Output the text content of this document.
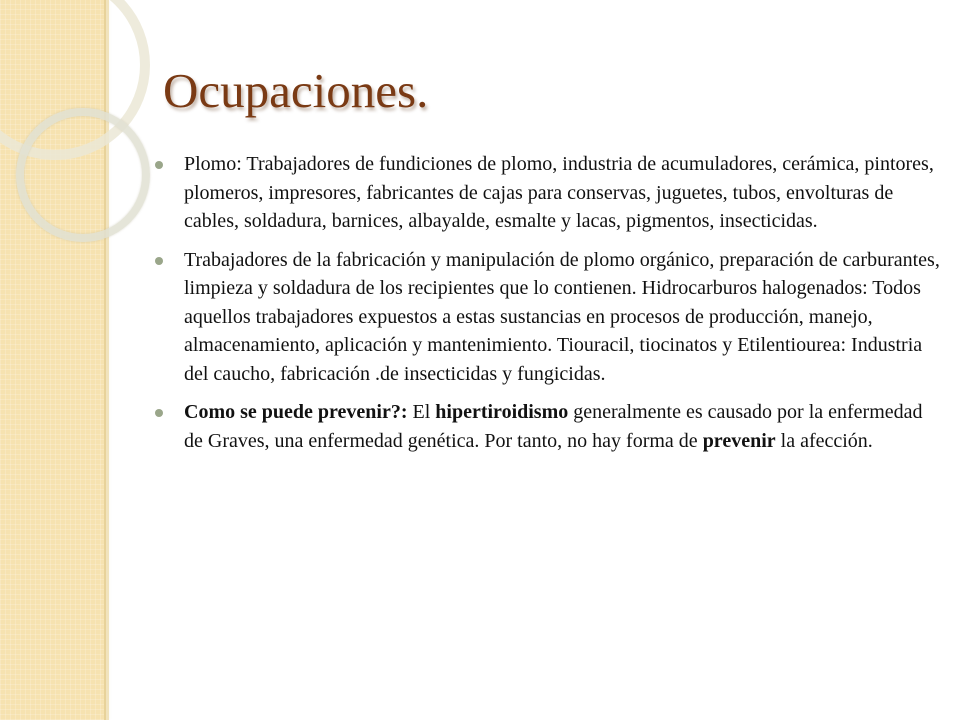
Ocupaciones.
Plomo: Trabajadores de fundiciones de plomo, industria de acumuladores, cerámica, pintores, plomeros, impresores, fabricantes de cajas para conservas, juguetes, tubos, envolturas de cables, soldadura, barnices, albayalde, esmalte y lacas, pigmentos, insecticidas.
Trabajadores de la fabricación y manipulación de plomo orgánico, preparación de carburantes, limpieza y soldadura de los recipientes que lo contienen. Hidrocarburos halogenados: Todos aquellos trabajadores expuestos a estas sustancias en procesos de producción, manejo, almacenamiento, aplicación y mantenimiento. Tiouracil, tiocinatos y Etilentiourea: Industria del caucho, fabricación .de insecticidas y fungicidas.
Como se puede prevenir?: El hipertiroidismo generalmente es causado por la enfermedad de Graves, una enfermedad genética. Por tanto, no hay forma de prevenir la afección.
